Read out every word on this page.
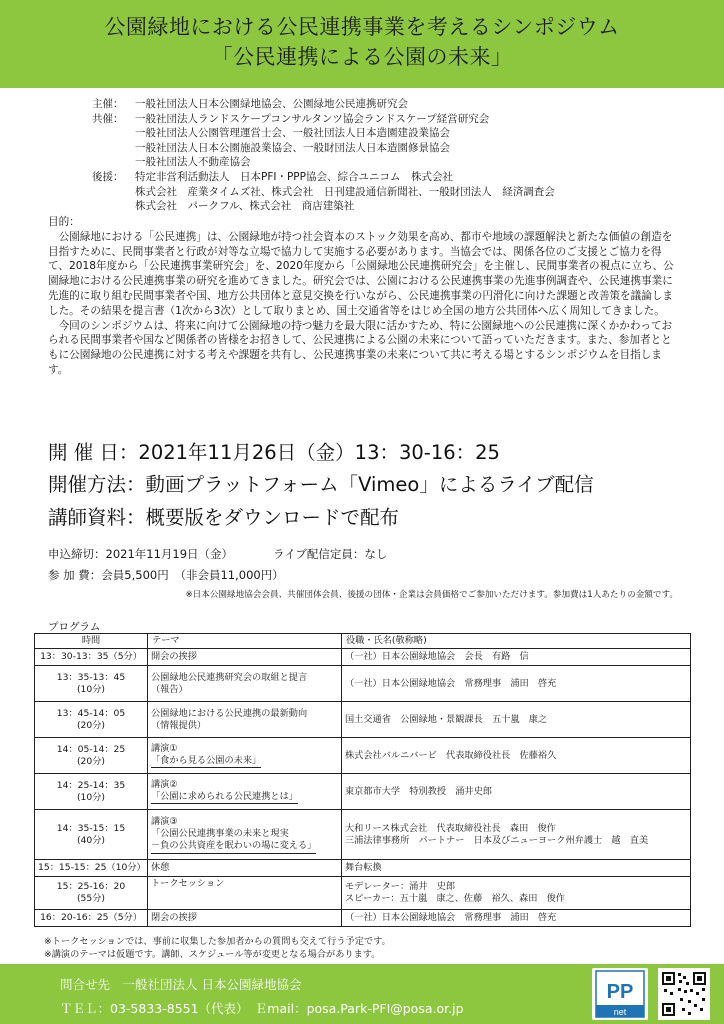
公園緑地における公民連携事業を考えるシンポジウム
「公民連携による公園の未来」
主催：	一般社団法人日本公園緑地協会、公園緑地公民連携研究会
共催：	一般社団法人ランドスケープコンサルタンツ協会ランドスケープ経営研究会
一般社団法人公園管理運営士会、一般社団法人日本造園建設業協会
一般社団法人日本公園施設業協会、一般財団法人日本造園修景協会
一般社団法人不動産協会
後援：	特定非営利活動法人　日本PFI・PPP協会、綜合ユニコム　株式会社
株式会社　産業タイムズ社、株式会社　日刊建設通信新聞社、一般財団法人　経済調査会
株式会社　パークフル、株式会社　商店建築社
目的：

公園緑地における「公民連携」は、公園緑地が持つ社会資本のストック効果を高め、都市や地域の課題解決と新たな価値の創造を目指すために、民間事業者と行政が対等な立場で協力して実施する必要があります。当協会では、関係各位のご支援とご協力を得て、2018年度から「公民連携事業研究会」を、2020年度から「公園緑地公民連携研究会」を主催し、民間事業者の視点に立ち、公園緑地における公民連携事業の研究を進めてきました。研究会では、公園における公民連携事業の先進事例調査や、公民連携事業に先進的に取り組む民間事業者や国、地方公共団体と意見交換を行いながら、公民連携事業の円滑化に向けた課題と改善策を議論しました。その結果を提言書（1次から3次）として取りまとめ、国土交通省等をはじめ全国の地方公共団体へ広く周知してきました。

今回のシンポジウムは、将来に向けて公園緑地の持つ魅力を最大限に活かすため、特に公園緑地への公民連携に深くかかわっておられる民間事業者や国など関係者の皆様をお招きして、公民連携による公園の未来について語っていただきます。また、参加者とともに公園緑地の公民連携に対する考えや課題を共有し、公民連携事業の未来について共に考える場とするシンポジウムを目指します。

開 催 日：2021年11月26日（金）13：30-16：25
開催方法：動画プラットフォーム「Vimeo」によるライブ配信
講師資料：概要版をダウンロードで配布
申込締切：2021年11月19日（金）	ライブ配信定員：なし
参 加 費：会員5,500円　（非会員11,000円）
※日本公園緑地協会会員、共催団体会員、後援の団体・企業は会員価格でご参加いただけます。参加費は1人あたりの金額です。
プログラム
時間	テーマ	役職・氏名(敬称略)
13：30-13：35（5分）	開会の挨拶	（一社）日本公園緑地協会　会長　有路　信

13：35-13：45
(10分)	公園緑地公民連携研究会の取組と提言
（報告）	（一社）日本公園緑地協会　常務理事　浦田　啓充

13：45-14：05
(20分)	公園緑地における公民連携の最新動向
（情報提供）	国土交通省　公園緑地・景観課長　五十嵐　康之

14：05-14：25
(20分)	講演①
「食から見る公園の未来」	株式会社バルニバービ　代表取締役社長　佐藤裕久

14：25-14：35
(10分)	講演②
「公園に求められる公民連携とは」	東京都市大学　特別教授　涌井史郎

14：35-15：15
(40分)	講演③
「公園公民連携事業の未来と現実
－負の公共資産を眠わいの場に変える」	大和リース株式会社　代表取締役社長　森田　俊作
三浦法律事務所　パートナー　日本及びニューヨーク州弁護士　越　直美

15：15-15：25（10分）	休憩	舞台転換

15：25-16：20
(55分)	トークセッション	モデレーター：涌井　史郎
スピーカー：五十嵐　康之、佐藤　裕久、森田　俊作

16：20-16：25（5分）	閉会の挨拶	（一社）日本公園緑地協会　常務理事　浦田　啓充
※トークセッションでは、事前に収集した参加者からの質問も交えて行う予定です。
※講演のテーマは仮題です。講師、スケジュール等が変更となる場合があります。
問合せ先　一般社団法人 日本公園緑地協会
ＴＥＬ：03-5833-8551（代表）　Ｅmail：posa.Park-PFI@posa.or.jp
PP
net
